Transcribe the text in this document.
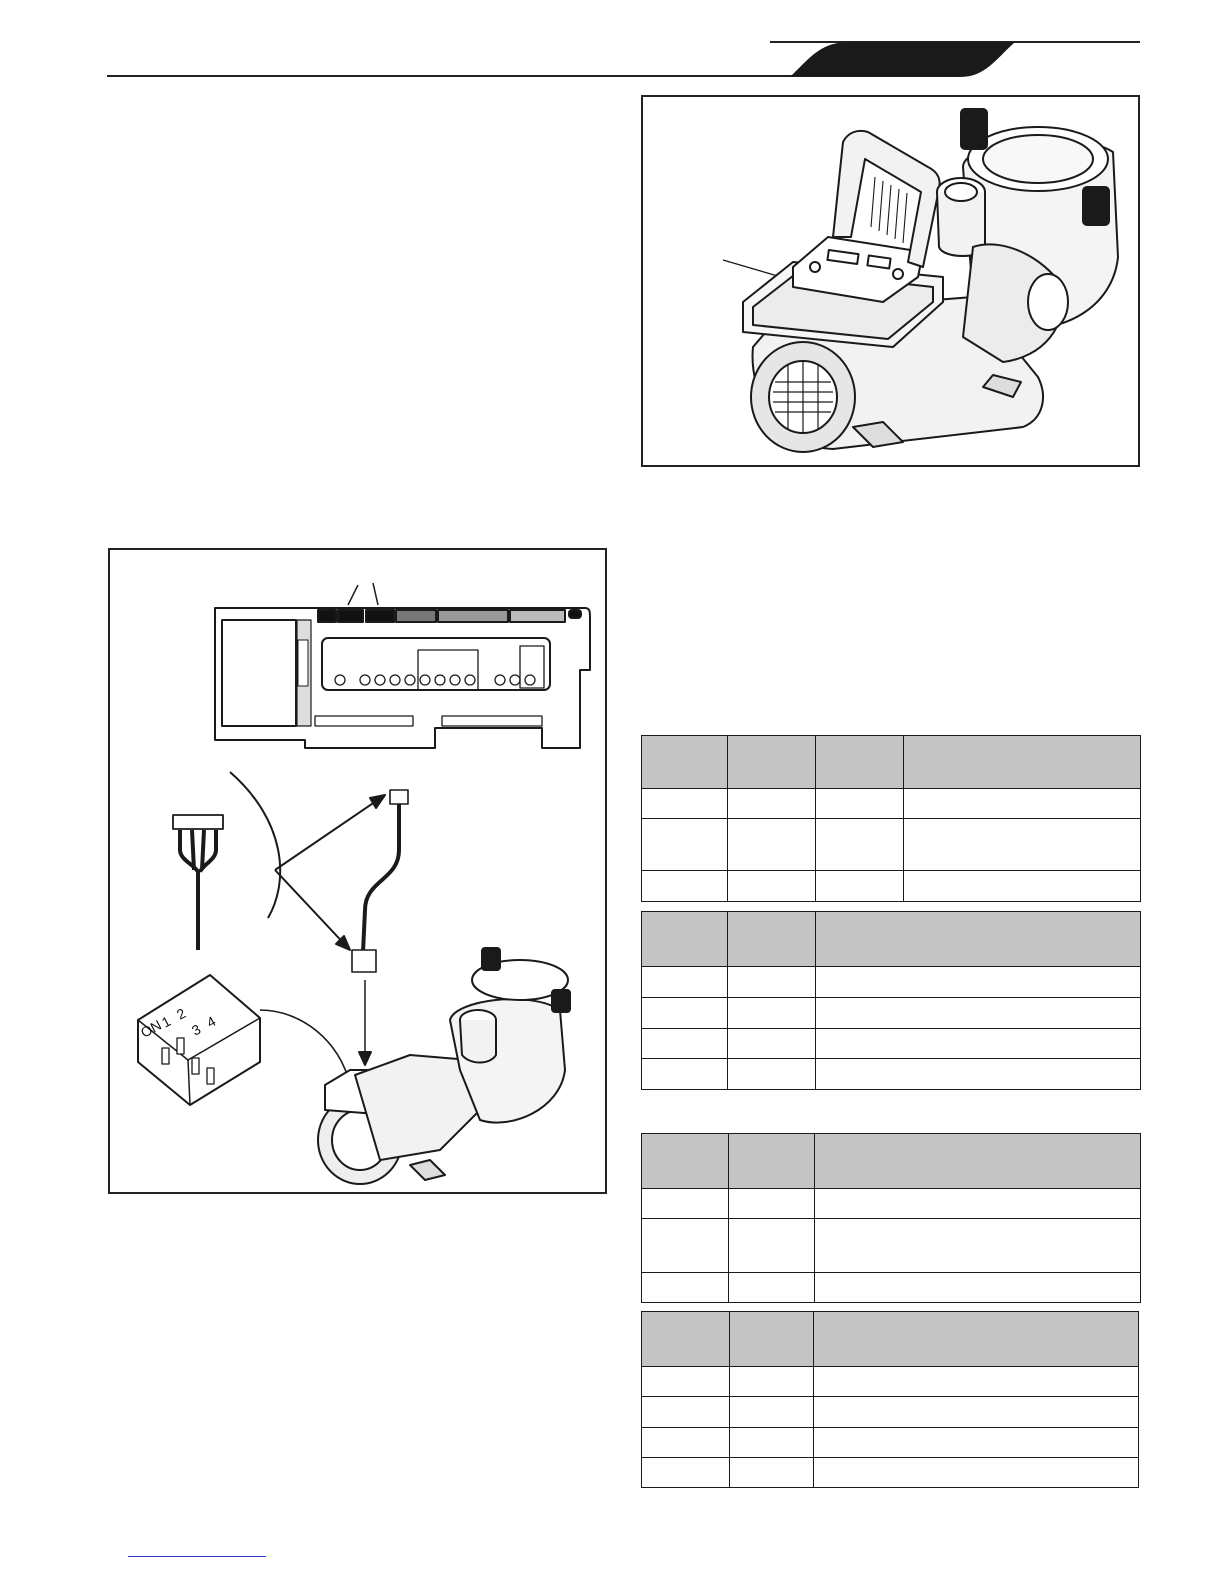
ON
1 2
3 4
